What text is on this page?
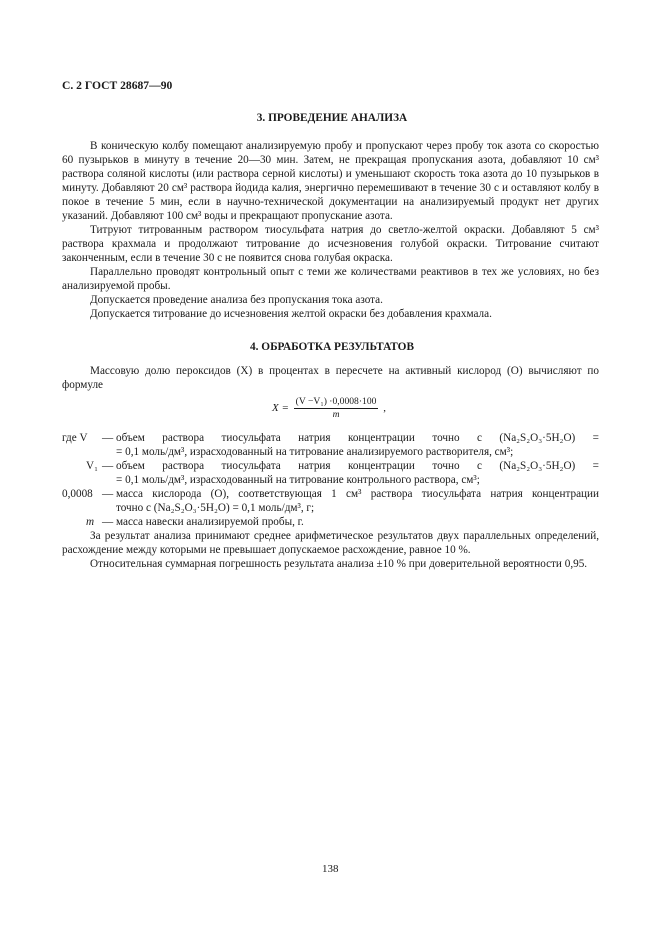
С. 2 ГОСТ 28687—90
3. ПРОВЕДЕНИЕ АНАЛИЗА

В коническую колбу помещают анализируемую пробу и пропускают через пробу ток азота со скоростью 60 пузырьков в минуту в течение 20—30 мин. Затем, не прекращая пропускания азота, добавляют 10 см³ раствора соляной кислоты (или раствора серной кислоты) и уменьшают скорость тока азота до 10 пузырьков в минуту. Добавляют 20 см³ раствора йодида калия, энергично перемешивают в течение 30 с и оставляют колбу в покое в течение 5 мин, если в научно-технической документации на анализируемый продукт нет других указаний. Добавляют 100 см³ воды и прекращают пропускание азота.

Титруют титрованным раствором тиосульфата натрия до светло-желтой окраски. Добавляют 5 см³ раствора крахмала и продолжают титрование до исчезновения голубой окраски. Титрование считают законченным, если в течение 30 с не появится снова голубая окраска.

Параллельно проводят контрольный опыт с теми же количествами реактивов в тех же условиях, но без анализируемой пробы.

Допускается проведение анализа без пропускания тока азота.

Допускается титрование до исчезновения желтой окраски без добавления крахмала.

4. ОБРАБОТКА РЕЗУЛЬТАТОВ

Массовую долю пероксидов (X) в процентах в пересчете на активный кислород (О) вычисляют по формуле

$X = \frac{\text{(V −V₁) ·0,0008·100}}{m}$ ,
где V — объем раствора тиосульфата натрия концентрации точно c (Na₂S₂O₃·5H₂O) =
= 0,1 моль/дм³, израсходованный на титрование анализируемого растворителя, см³;
V₁ — объем раствора тиосульфата натрия концентрации точно c (Na₂S₂O₃·5H₂O) =
= 0,1 моль/дм³, израсходованный на титрование контрольного раствора, см³;
0,0008 — масса кислорода (О), соответствующая 1 см³ раствора тиосульфата натрия концентрации
точно c (Na₂S₂O₃·5H₂O) = 0,1 моль/дм³, г;
m — масса навески анализируемой пробы, г.

За результат анализа принимают среднее арифметическое результатов двух параллельных определений, расхождение между которыми не превышает допускаемое расхождение, равное 10 %.

Относительная суммарная погрешность результата анализа ±10 % при доверительной вероятности 0,95.

138
